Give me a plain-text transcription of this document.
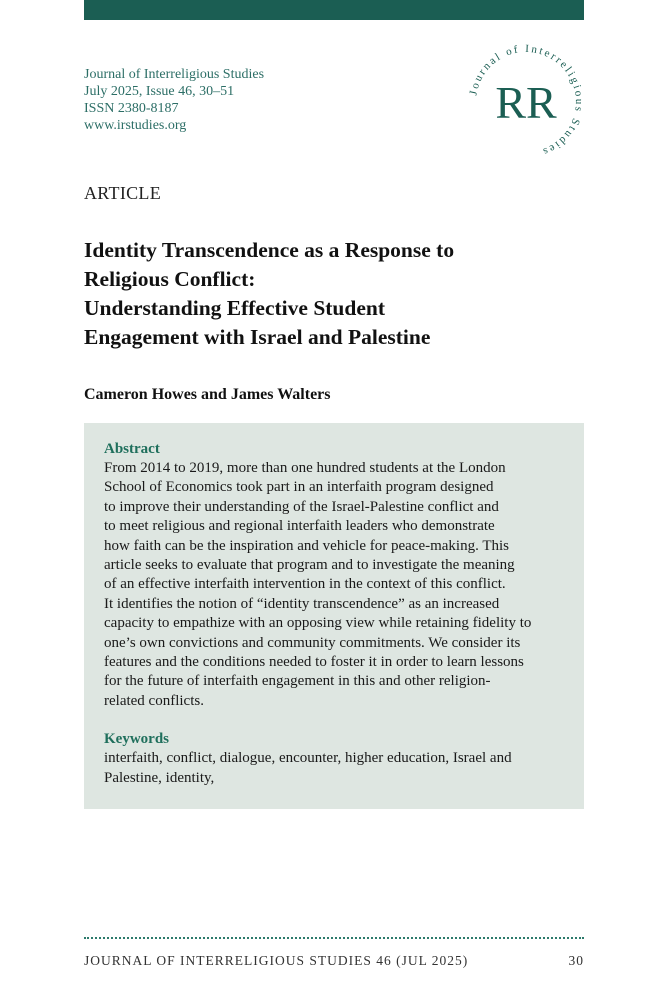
Journal of Interreligious Studies
July 2025, Issue 46, 30–51
ISSN 2380-8187
www.irstudies.org
Journal of Interreligious Studies
RR
ARTICLE
Identity Transcendence as a Response to
Religious Conflict:
Understanding Effective Student
Engagement with Israel and Palestine
Cameron Howes and James Walters
Abstract
From 2014 to 2019, more than one hundred students at the London
School of Economics took part in an interfaith program designed
to improve their understanding of the Israel-Palestine conflict and
to meet religious and regional interfaith leaders who demonstrate
how faith can be the inspiration and vehicle for peace-making. This
article seeks to evaluate that program and to investigate the meaning
of an effective interfaith intervention in the context of this conflict.
It identifies the notion of “identity transcendence” as an increased
capacity to empathize with an opposing view while retaining fidelity to
one’s own convictions and community commitments. We consider its
features and the conditions needed to foster it in order to learn lessons
for the future of interfaith engagement in this and other religion-
related conflicts.
Keywords
interfaith, conflict, dialogue, encounter, higher education, Israel and
Palestine, identity,
JOURNAL OF INTERRELIGIOUS STUDIES 46 (JUL 2025)	30
